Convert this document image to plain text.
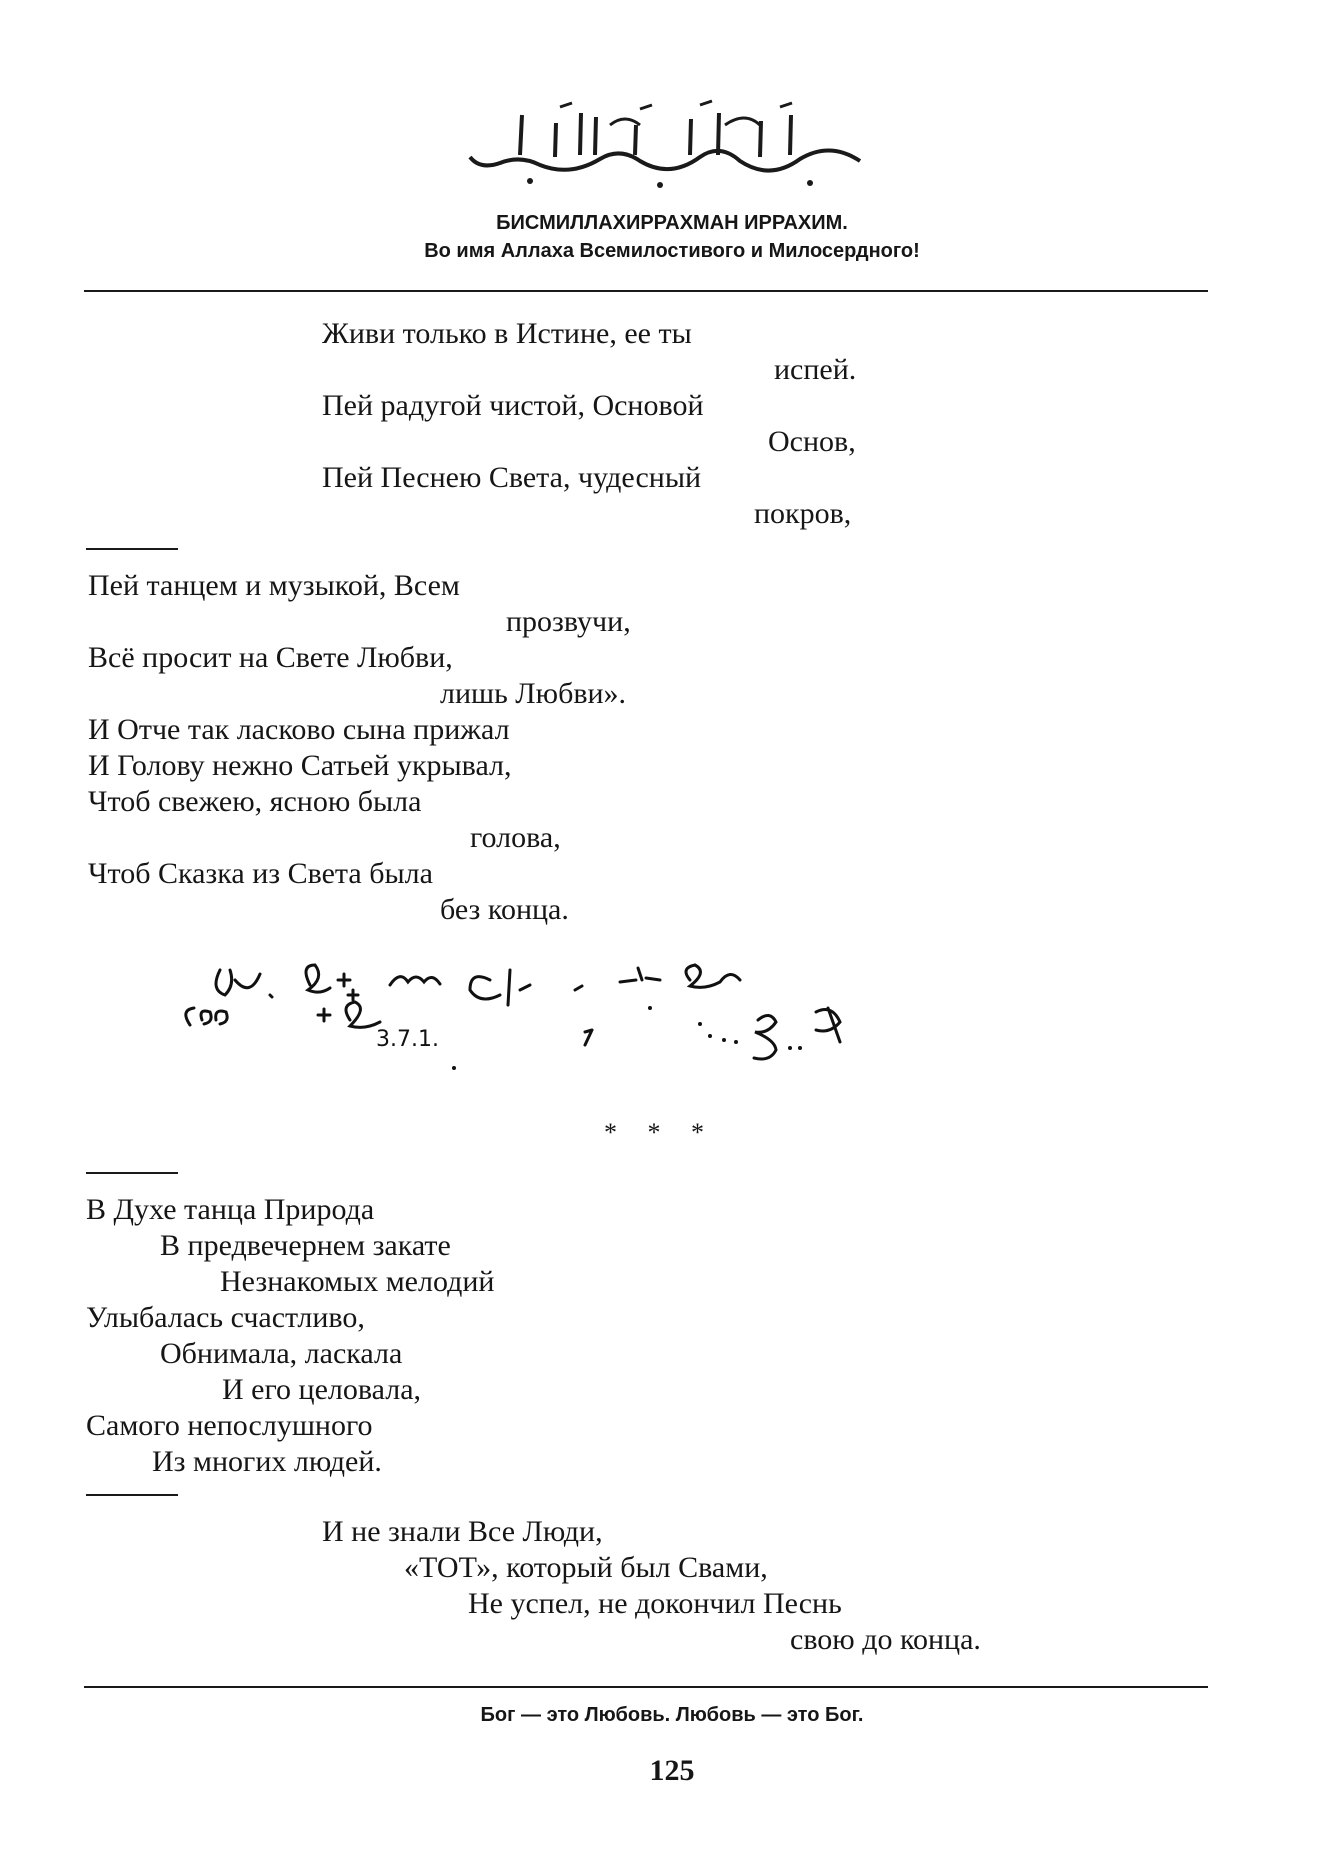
БИСМИЛЛАХИРРАХМАН ИРРАХИМ.
Во имя Аллаха Всемилостивого и Милосердного!
Живи только в Истине, ее ты
испей.
Пей радугой чистой, Основой
Основ,
Пей Песнею Света, чудесный
покров,
Пей танцем и музыкой, Всем
прозвучи,
Всё просит на Свете Любви,
лишь Любви».
И Отче так ласково сына прижал
И Голову нежно Сатьей укрывал,
Чтоб свежею, ясною была
голова,
Чтоб Сказка из Света была
без конца.
3.7.1.
* * *
В Духе танца Природа
В предвечернем закате
Незнакомых мелодий
Улыбалась счастливо,
Обнимала, ласкала
И его целовала,
Самого непослушного
Из многих людей.
И не знали Все Люди,
«ТОТ», который был Свами,
Не успел, не докончил Песнь
свою до конца.
Бог — это Любовь. Любовь — это Бог.
125
